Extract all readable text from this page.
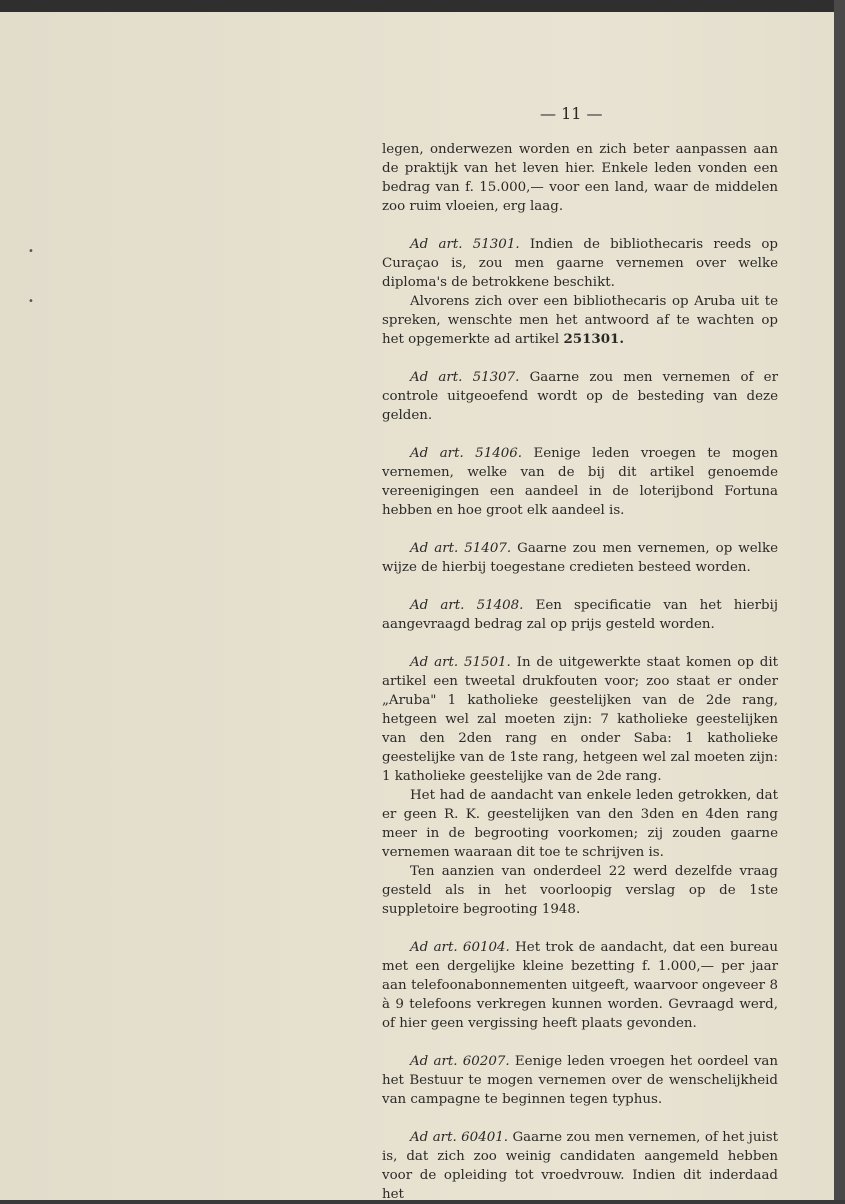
— 11 —

legen, onderwezen worden en zich beter aanpassen aan de praktijk van het leven hier. Enkele leden vonden een bedrag van f. 15.000,— voor een land, waar de middelen zoo ruim vloeien, erg laag.

Ad art. 51301. Indien de bibliothecaris reeds op Curaçao is, zou men gaarne vernemen over welke diploma's de betrokkene beschikt.

Alvorens zich over een bibliothecaris op Aruba uit te spreken, wenschte men het antwoord af te wachten op het opgemerkte ad artikel 251301.

Ad art. 51307. Gaarne zou men vernemen of er controle uitgeoefend wordt op de besteding van deze gelden.

Ad art. 51406. Eenige leden vroegen te mogen vernemen, welke van de bij dit artikel genoemde vereenigingen een aandeel in de loterijbond Fortuna hebben en hoe groot elk aandeel is.

Ad art. 51407. Gaarne zou men vernemen, op welke wijze de hierbij toegestane credieten besteed worden.

Ad art. 51408. Een specificatie van het hierbij aangevraagd bedrag zal op prijs gesteld worden.

Ad art. 51501. In de uitgewerkte staat komen op dit artikel een tweetal drukfouten voor; zoo staat er onder „Aruba" 1 katholieke geestelijken van de 2de rang, hetgeen wel zal moeten zijn: 7 katholieke geestelijken van den 2den rang en onder Saba: 1 katholieke geestelijke van de 1ste rang, hetgeen wel zal moeten zijn: 1 katholieke geestelijke van de 2de rang.

Het had de aandacht van enkele leden getrokken, dat er geen R. K. geestelijken van den 3den en 4den rang meer in de begrooting voorkomen; zij zouden gaarne vernemen waaraan dit toe te schrijven is.

Ten aanzien van onderdeel 22 werd dezelfde vraag gesteld als in het voorloopig verslag op de 1ste suppletoire begrooting 1948.

Ad art. 60104. Het trok de aandacht, dat een bureau met een dergelijke kleine bezetting f. 1.000,— per jaar aan telefoonabonnementen uitgeeft, waarvoor ongeveer 8 à 9 telefoons verkregen kunnen worden. Gevraagd werd, of hier geen vergissing heeft plaats gevonden.

Ad art. 60207. Eenige leden vroegen het oordeel van het Bestuur te mogen vernemen over de wenschelijkheid van campagne te beginnen tegen typhus.

Ad art. 60401. Gaarne zou men vernemen, of het juist is, dat zich zoo weinig candidaten aangemeld hebben voor de opleiding tot vroedvrouw. Indien dit inderdaad het

•
•
